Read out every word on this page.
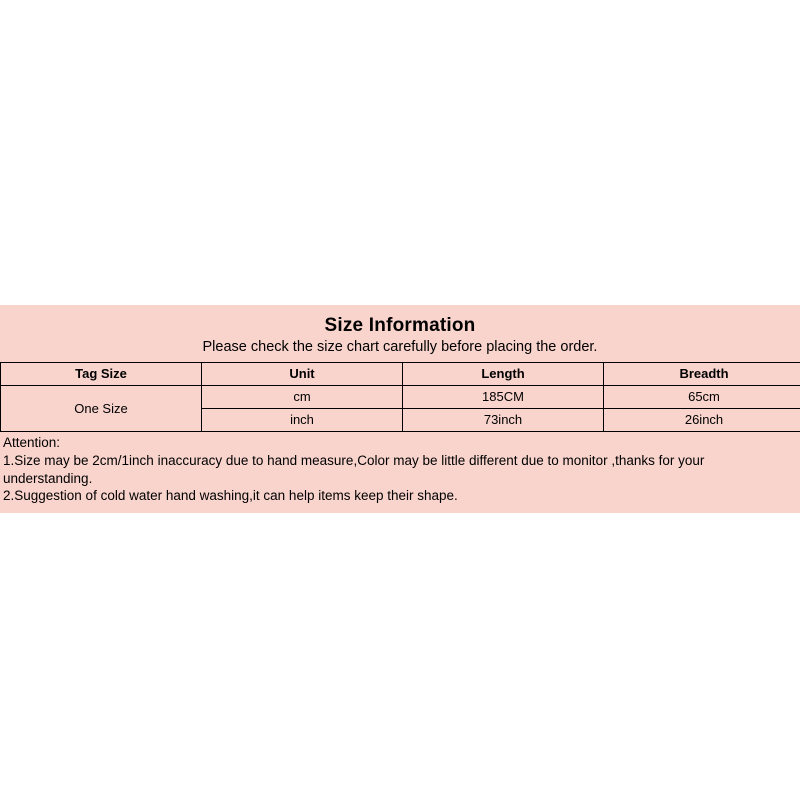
Size Information
Please check the size chart carefully before placing the order.
Tag Size	Unit	Length	Breadth
One Size	cm	185CM	65cm
	inch	73inch	26inch
Attention:
1.Size may be 2cm/1inch inaccuracy due to hand measure,Color may be little different due to monitor ,thanks for your understanding.
2.Suggestion of cold water hand washing,it can help items keep their shape.
